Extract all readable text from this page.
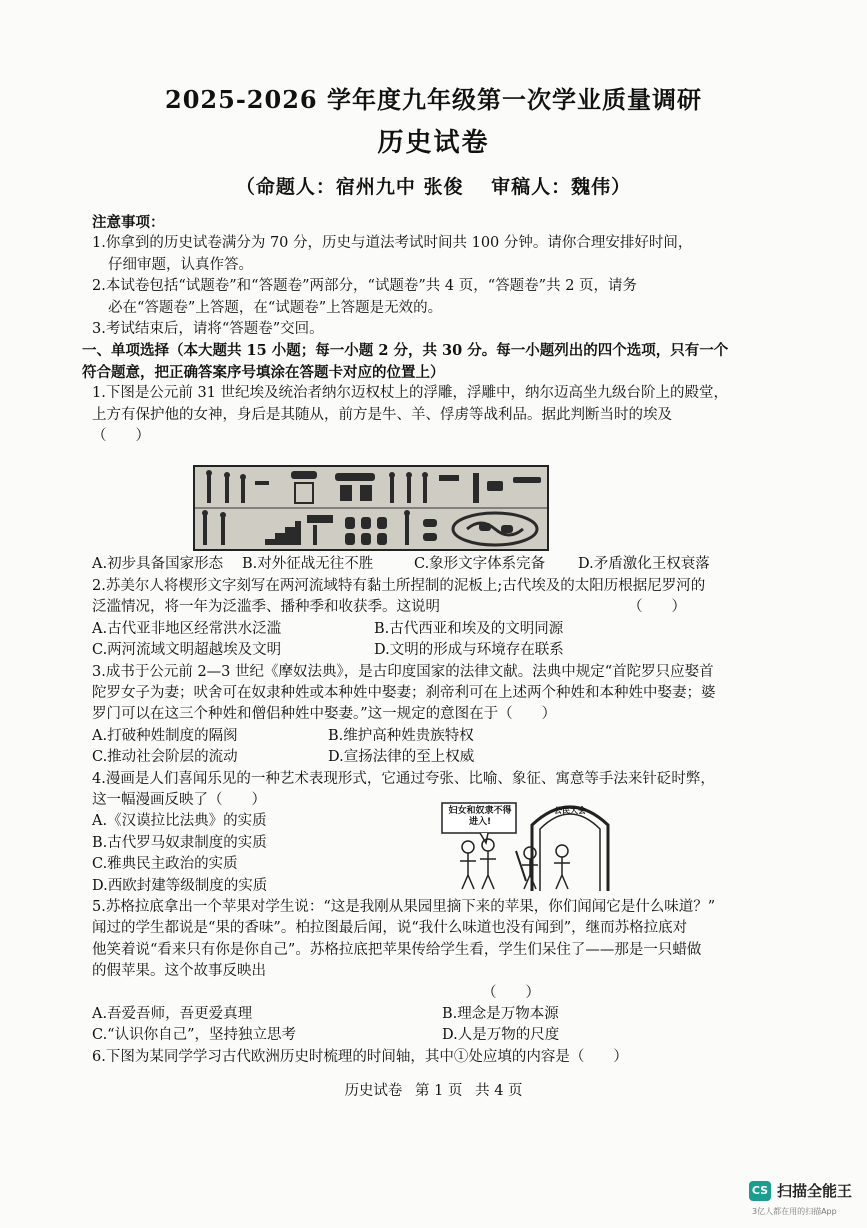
2025-2026 学年度九年级第一次学业质量调研
历史试卷
（命题人：宿州九中 张俊　 审稿人：魏伟）

注意事项：

1.你拿到的历史试卷满分为 70 分，历史与道法考试时间共 100 分钟。请你合理安排好时间，

仔细审题，认真作答。

2.本试卷包括“试题卷”和“答题卷”两部分，“试题卷”共 4 页，“答题卷”共 2 页，请务

必在“答题卷”上答题，在“试题卷”上答题是无效的。

3.考试结束后，请将“答题卷”交回。

一、单项选择（本大题共 15 小题；每一小题 2 分，共 30 分。每一小题列出的四个选项，只有一个

符合题意，把正确答案序号填涂在答题卡对应的位置上）

1.下图是公元前 31 世纪埃及统治者纳尔迈权杖上的浮雕，浮雕中，纳尔迈高坐九级台阶上的殿堂，

上方有保护他的女神，身后是其随从，前方是牛、羊、俘虏等战利品。据此判断当时的埃及

（　　）

A.初步具备国家形态	B.对外征战无往不胜	C.象形文字体系完备	D.矛盾激化王权衰落

2.苏美尔人将楔形文字刻写在两河流域特有黏土所捏制的泥板上;古代埃及的太阳历根据尼罗河的

泛滥情况，将一年为泛滥季、播种季和收获季。这说明	（　　）

A.古代亚非地区经常洪水泛滥	B.古代西亚和埃及的文明同源
C.两河流域文明超越埃及文明	D.文明的形成与环境存在联系

3.成书于公元前 2—3 世纪《摩奴法典》，是古印度国家的法律文献。法典中规定“首陀罗只应娶首

陀罗女子为妻；吠舍可在奴隶种姓或本种姓中娶妻；刹帝利可在上述两个种姓和本种姓中娶妻；婆

罗门可以在这三个种姓和僧侣种姓中娶妻。”这一规定的意图在于（　　）

A.打破种姓制度的隔阂	B.维护高种姓贵族特权
C.推动社会阶层的流动	D.宣扬法律的至上权威

4.漫画是人们喜闻乐见的一种艺术表现形式，它通过夸张、比喻、象征、寓意等手法来针砭时弊，

这一幅漫画反映了（　　）

A.《汉谟拉比法典》的实质

B.古代罗马奴隶制度的实质

C.雅典民主政治的实质

D.西欧封建等级制度的实质

5.苏格拉底拿出一个苹果对学生说：“这是我刚从果园里摘下来的苹果，你们闻闻它是什么味道？”

闻过的学生都说是“果的香味”。柏拉图最后闻，说“我什么味道也没有闻到”，继而苏格拉底对

他笑着说“看来只有你是你自己”。苏格拉底把苹果传给学生看，学生们呆住了——那是一只蜡做

的假苹果。这个故事反映出

（　　）

A.吾爱吾师，吾更爱真理	B.理念是万物本源
C.“认识你自己”，坚持独立思考	D.人是万物的尺度

6.下图为某同学学习古代欧洲历史时梳理的时间轴，其中①处应填的内容是（　　）

妇女和奴隶不得进入!
公民大会
历史试卷 第 1 页 共 4 页
CS 扫描全能王
3亿人都在用的扫描App
